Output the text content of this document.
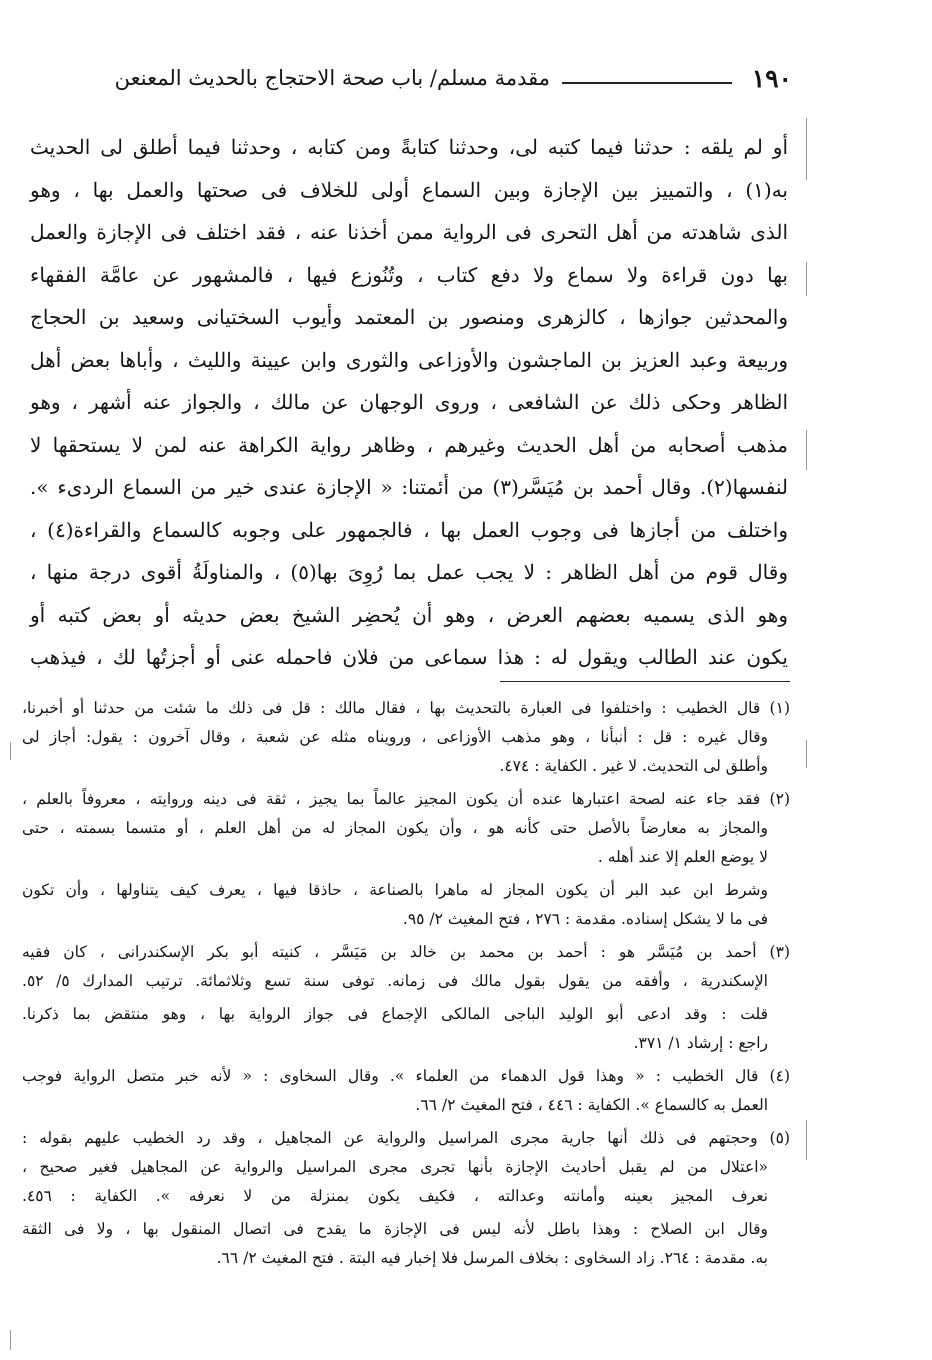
١٩٠
مقدمة مسلم/ باب صحة الاحتجاج بالحديث المعنعن
أو لم يلقه : حدثنا فيما كتبه لى، وحدثنا كتابةً ومن كتابه ، وحدثنا فيما أطلق لى الحديث
به(١) ، والتمييز بين الإجازة وبين السماع أولى للخلاف فى صحتها والعمل بها ، وهو
الذى شاهدته من أهل التحرى فى الرواية ممن أخذنا عنه ، فقد اختلف فى الإجازة والعمل
بها دون قراءة ولا سماع ولا دفع كتاب ، وتُنُوزع فيها ، فالمشهور عن عامَّة الفقهاء
والمحدثين جوازها ، كالزهرى ومنصور بن المعتمد وأيوب السختيانى وسعيد بن الحجاج
وربيعة وعبد العزيز بن الماجشون والأوزاعى والثورى وابن عيينة والليث ، وأباها بعض أهل
الظاهر وحكى ذلك عن الشافعى ، وروى الوجهان عن مالك ، والجواز عنه أشهر ، وهو
مذهب أصحابه من أهل الحديث وغيرهم ، وظاهر رواية الكراهة عنه لمن لا يستحقها لا
لنفسها(٢). وقال أحمد بن مُيَسَّر(٣) من أئمتنا: « الإجازة عندى خير من السماع الردىء ».
واختلف من أجازها فى وجوب العمل بها ، فالجمهور على وجوبه كالسماع والقراءة(٤) ،
وقال قوم من أهل الظاهر : لا يجب عمل بما رُوِىَ بها(٥) ، والمناولَةُ أقوى درجة منها ،
وهو الذى يسميه بعضهم العرض ، وهو أن يُحضِر الشيخ بعض حديثه أو بعض كتبه أو
يكون عند الطالب ويقول له : هذا سماعى من فلان فاحمله عنى أو أجزتُها لك ، فيذهب
(١) قال الخطيب : واختلفوا فى العبارة بالتحديث بها ، فقال مالك : قل فى ذلك ما شئت من حدثنا أو أخبرنا،
وقال غيره : قل : أنبأنا ، وهو مذهب الأوزاعى ، ورويناه مثله عن شعبة ، وقال آخرون : يقول: أجاز لى
وأطلق لى التحديث. لا غير . الكفاية : ٤٧٤.
(٢) فقد جاء عنه لصحة اعتبارها عنده أن يكون المجيز عالماً بما يجيز ، ثقة فى دينه وروايته ، معروفاً بالعلم ،
والمجاز به معارضاً بالأصل حتى كأنه هو ، وأن يكون المجاز له من أهل العلم ، أو متسما بسمته ، حتى
لا يوضع العلم إلا عند أهله .
وشرط ابن عبد البر أن يكون المجاز له ماهرا بالصناعة ، حاذقا فيها ، يعرف كيف يتناولها ، وأن تكون
فى ما لا يشكل إسناده. مقدمة : ٢٧٦ ، فتح المغيث ٢/ ٩٥.
(٣) أحمد بن مُيَسَّر هو : أحمد بن محمد بن خالد بن مَيَسَّر ، كنيته أبو بكر الإسكندرانى ، كان فقيه
الإسكندرية ، وأفقه من يقول بقول مالك فى زمانه. توفى سنة تسع وثلاثمائة. ترتيب المدارك ٥/ ٥٢.
قلت : وقد ادعى أبو الوليد الباجى المالكى الإجماع فى جواز الرواية بها ، وهو منتقض بما ذكرنا.
راجع : إرشاد ١/ ٣٧١.
(٤) قال الخطيب : « وهذا قول الدهماء من العلماء ». وقال السخاوى : « لأنه خبر متصل الرواية فوجب
العمل به كالسماع ». الكفاية : ٤٤٦ ، فتح المغيث ٢/ ٦٦.
(٥) وحجتهم فى ذلك أنها جارية مجرى المراسيل والرواية عن المجاهيل ، وقد رد الخطيب عليهم بقوله :
«اعتلال من لم يقبل أحاديث الإجازة بأنها تجرى مجرى المراسيل والرواية عن المجاهيل فغير صحيح ،
نعرف المجيز بعينه وأمانته وعدالته ، فكيف يكون بمنزلة من لا نعرفه ». الكفاية : ٤٥٦.
وقال ابن الصلاح : وهذا باطل لأنه ليس فى الإجازة ما يقدح فى اتصال المنقول بها ، ولا فى الثقة
به. مقدمة : ٢٦٤. زاد السخاوى : بخلاف المرسل فلا إخبار فيه البتة . فتح المغيث ٢/ ٦٦.
